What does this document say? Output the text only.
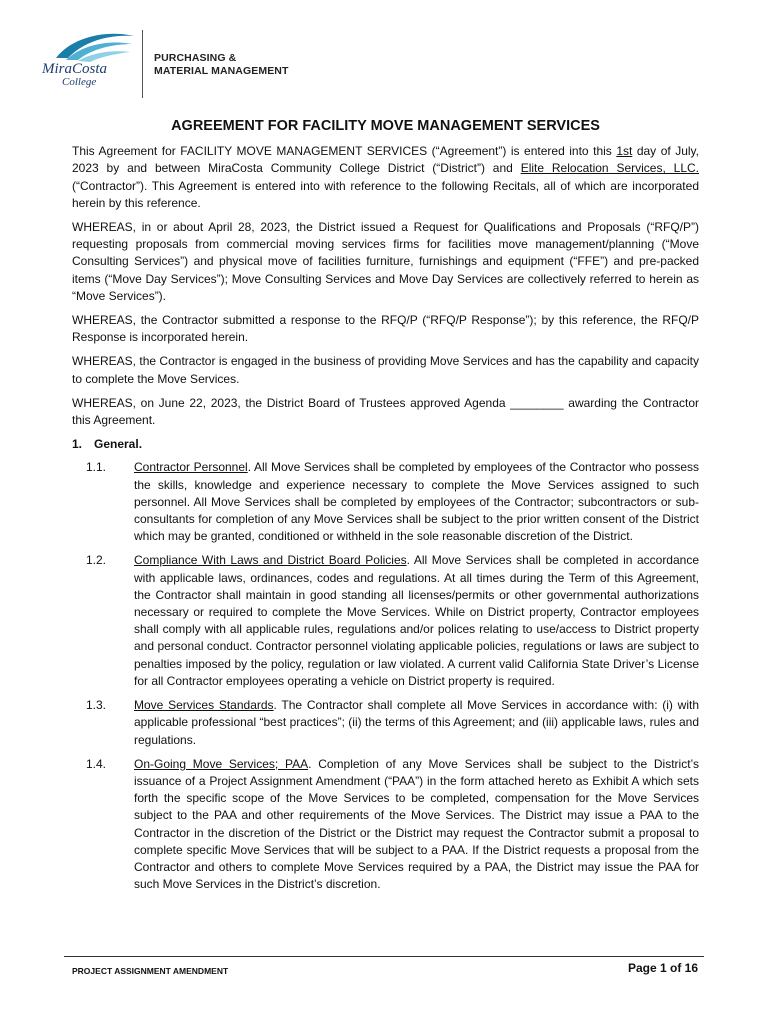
MiraCosta
College
PURCHASING &
MATERIAL MANAGEMENT
AGREEMENT FOR FACILITY MOVE MANAGEMENT SERVICES

This Agreement for FACILITY MOVE MANAGEMENT SERVICES (“Agreement”) is entered into this 1st day of July, 2023 by and between MiraCosta Community College District (“District”) and Elite Relocation Services, LLC. (“Contractor”). This Agreement is entered into with reference to the following Recitals, all of which are incorporated herein by this reference.

WHEREAS, in or about April 28, 2023, the District issued a Request for Qualifications and Proposals (“RFQ/P”) requesting proposals from commercial moving services firms for facilities move management/planning (“Move Consulting Services”) and physical move of facilities furniture, furnishings and equipment (“FFE”) and pre-packed items (“Move Day Services”); Move Consulting Services and Move Day Services are collectively referred to herein as “Move Services”).

WHEREAS, the Contractor submitted a response to the RFQ/P (“RFQ/P Response”); by this reference, the RFQ/P Response is incorporated herein.

WHEREAS, the Contractor is engaged in the business of providing Move Services and has the capability and capacity to complete the Move Services.

WHEREAS, on June 22, 2023, the District Board of Trustees approved Agenda ________ awarding the Contractor this Agreement.

1. General.
1.1.	Contractor Personnel. All Move Services shall be completed by employees of the Contractor who possess the skills, knowledge and experience necessary to complete the Move Services assigned to such personnel. All Move Services shall be completed by employees of the Contractor; subcontractors or sub-consultants for completion of any Move Services shall be subject to the prior written consent of the District which may be granted, conditioned or withheld in the sole reasonable discretion of the District.
1.2.	Compliance With Laws and District Board Policies. All Move Services shall be completed in accordance with applicable laws, ordinances, codes and regulations. At all times during the Term of this Agreement, the Contractor shall maintain in good standing all licenses/permits or other governmental authorizations necessary or required to complete the Move Services. While on District property, Contractor employees shall comply with all applicable rules, regulations and/or polices relating to use/access to District property and personal conduct. Contractor personnel violating applicable policies, regulations or laws are subject to penalties imposed by the policy, regulation or law violated. A current valid California State Driver’s License for all Contractor employees operating a vehicle on District property is required.
1.3.	Move Services Standards. The Contractor shall complete all Move Services in accordance with: (i) with applicable professional “best practices”; (ii) the terms of this Agreement; and (iii) applicable laws, rules and regulations.
1.4.	On-Going Move Services; PAA. Completion of any Move Services shall be subject to the District’s issuance of a Project Assignment Amendment (“PAA”) in the form attached hereto as Exhibit A which sets forth the specific scope of the Move Services to be completed, compensation for the Move Services subject to the PAA and other requirements of the Move Services. The District may issue a PAA to the Contractor in the discretion of the District or the District may request the Contractor submit a proposal to complete specific Move Services that will be subject to a PAA. If the District requests a proposal from the Contractor and others to complete Move Services required by a PAA, the District may issue the PAA for such Move Services in the District’s discretion.
PROJECT ASSIGNMENT AMENDMENT	Page 1 of 16
